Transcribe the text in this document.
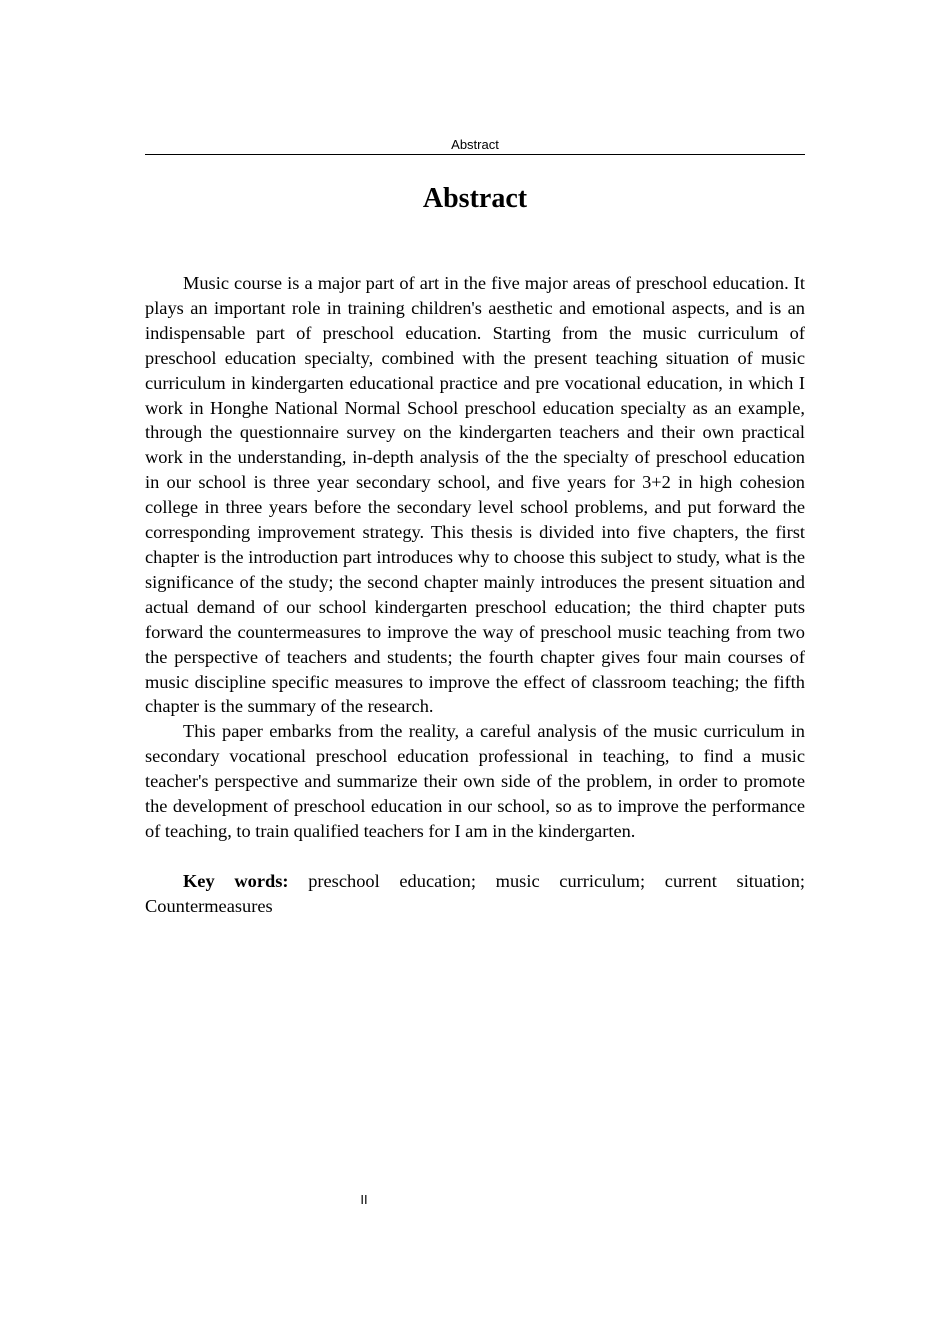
Abstract
Abstract

Music course is a major part of art in the five major areas of preschool education. It plays an important role in training children's aesthetic and emotional aspects, and is an indispensable part of preschool education. Starting from the music curriculum of preschool education specialty, combined with the present teaching situation of music curriculum in kindergarten educational practice and pre vocational education, in which I work in Honghe National Normal School preschool education specialty as an example, through the questionnaire survey on the kindergarten teachers and their own practical work in the understanding, in-depth analysis of the the specialty of preschool education in our school is three year secondary school, and five years for 3+2 in high cohesion college in three years before the secondary level school problems, and put forward the corresponding improvement strategy. This thesis is divided into five chapters, the first chapter is the introduction part introduces why to choose this subject to study, what is the significance of the study; the second chapter mainly introduces the present situation and actual demand of our school kindergarten preschool education; the third chapter puts forward the countermeasures to improve the way of preschool music teaching from two the perspective of teachers and students; the fourth chapter gives four main courses of music discipline specific measures to improve the effect of classroom teaching; the fifth chapter is the summary of the research.

This paper embarks from the reality, a careful analysis of the music curriculum in secondary vocational preschool education professional in teaching, to find a music teacher's perspective and summarize their own side of the problem, in order to promote the development of preschool education in our school, so as to improve the performance of teaching, to train qualified teachers for I am in the kindergarten.

Key words: preschool education; music curriculum; current situation; Countermeasures

II
